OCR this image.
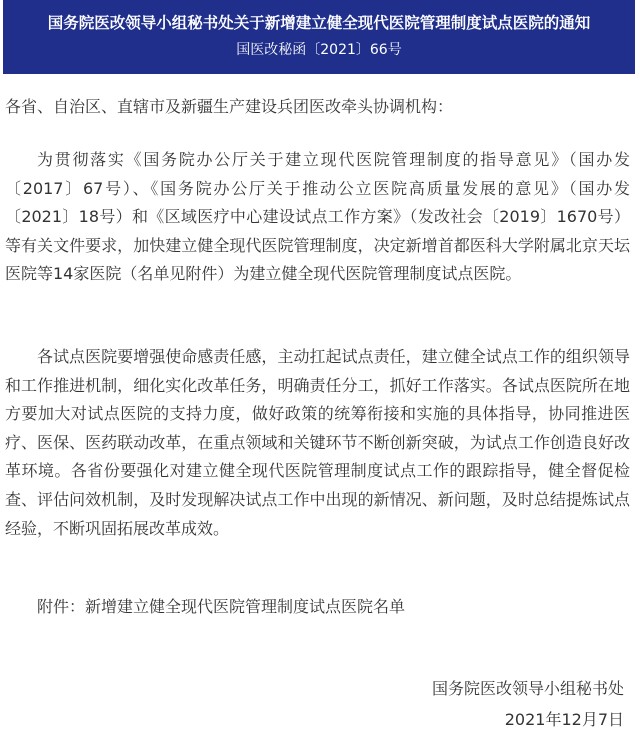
国务院医改领导小组秘书处关于新增建立健全现代医院管理制度试点医院的通知
国医改秘函〔2021〕66号
各省、自治区、直辖市及新疆生产建设兵团医改牵头协调机构：

为贯彻落实《国务院办公厅关于建立现代医院管理制度的指导意见》（国办发〔2017〕67号）、《国务院办公厅关于推动公立医院高质量发展的意见》（国办发〔2021〕18号）和《区域医疗中心建设试点工作方案》（发改社会〔2019〕1670号）等有关文件要求，加快建立健全现代医院管理制度，决定新增首都医科大学附属北京天坛医院等14家医院（名单见附件）为建立健全现代医院管理制度试点医院。

各试点医院要增强使命感责任感，主动扛起试点责任，建立健全试点工作的组织领导和工作推进机制，细化实化改革任务，明确责任分工，抓好工作落实。各试点医院所在地方要加大对试点医院的支持力度，做好政策的统筹衔接和实施的具体指导，协同推进医疗、医保、医药联动改革，在重点领域和关键环节不断创新突破，为试点工作创造良好改革环境。各省份要强化对建立健全现代医院管理制度试点工作的跟踪指导，健全督促检查、评估问效机制，及时发现解决试点工作中出现的新情况、新问题，及时总结提炼试点经验，不断巩固拓展改革成效。

附件：新增建立健全现代医院管理制度试点医院名单
国务院医改领导小组秘书处
2021年12月7日
